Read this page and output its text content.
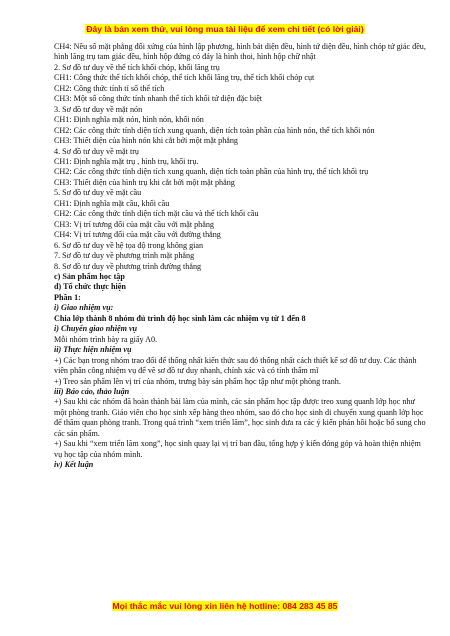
Đây là bản xem thử, vui lòng mua tài liệu để xem chi tiết (có lời giải)
CH4: Nêu số mặt phẳng đối xứng của hình lập phương, hình bát diện đều, hình tứ diện đều, hình chóp tứ giác đều, hình lăng trụ tam giác đều, hình hộp đứng có đáy là hình thoi, hình hộp chữ nhật
2. Sơ đồ tư duy về thể tích khối chóp, khối lăng trụ
CH1: Công thức thể tích khối chóp, thể tích khối lăng trụ, thể tích khối chóp cụt
CH2: Công thức tính tỉ số thể tích
CH3: Một số công thức tính nhanh thể tích khối tứ diện đặc biệt
3. Sơ đồ tư duy về mặt nón
CH1: Định nghĩa mặt nón, hình nón, khối nón
CH2: Các công thức tính diện tích xung quanh, diện tích toàn phần của hình nón, thể tích khối nón
CH3: Thiết diện của hình nón khi cắt bởi một mặt phẳng
4. Sơ đồ tư duy về mặt trụ
CH1: Định nghĩa mặt trụ , hình trụ, khối trụ.
CH2: Các công thức tính diện tích xung quanh, diện tích toàn phần của hình trụ, thể tích khối trụ
CH3: Thiết diện của hình trụ khi cắt bởi một mặt phẳng
5. Sơ đồ tư duy về mặt cầu
CH1: Định nghĩa mặt cầu, khối cầu
CH2: Các công thức tính diện tích mặt cầu và thể tích khối cầu
CH3: Vị trí tương đối của mặt cầu với mặt phẳng
CH4: Vị trí tương đối của mặt cầu với đường thẳng
6. Sơ đồ tư duy về hệ tọa độ trong không gian
7. Sơ đồ tư duy về phương trình mặt phẳng
8. Sơ đồ tư duy về phương trình đường thẳng
c) Sản phẩm học tập
d) Tổ chức thực hiện
Phần 1:
i) Giao nhiệm vụ:
Chia lớp thành 8 nhóm đủ trình độ học sinh làm các nhiệm vụ từ 1 đến 8
i) Chuyển giao nhiệm vụ
Mỗi nhóm trình bày ra giấy A0.
ii) Thực hiện nhiệm vụ
+) Các bạn trong nhóm trao đổi để thống nhất kiến thức sau đó thống nhất cách thiết kế sơ đồ tư duy. Các thành viên phân công nhiệm vụ để vẽ sơ đồ tư duy nhanh, chính xác và có tính thẩm mĩ
+) Treo sản phẩm lên vị trí của nhóm, trưng bày sản phẩm học tập như một phòng tranh.
iii) Báo cáo, thảo luận
+) Sau khi các nhóm đã hoàn thành bài làm của mình, các sản phẩm học tập được treo xung quanh lớp học như một phòng tranh. Giáo viên cho học sinh xếp hàng theo nhóm, sao đó cho học sinh di chuyển xung quanh lớp học để thăm quan phòng tranh. Trong quá trình “xem triển lãm”, học sinh đưa ra các ý kiến phản hồi hoặc bổ sung cho các sản phẩm.
+) Sau khi “xem triển lãm xong”, học sinh quay lại vị trí ban đầu, tổng hợp ý kiến đóng góp và hoàn thiện nhiệm vụ học tập của nhóm mình.
iv) Kết luận
Mọi thắc mắc vui lòng xin liên hệ hotline: 084 283 45 85
